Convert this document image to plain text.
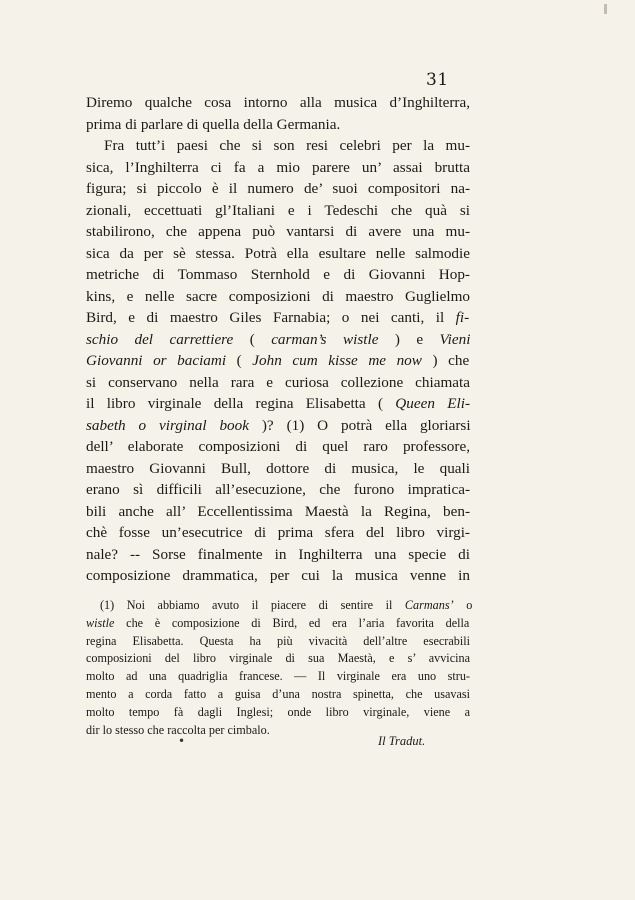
31
Diremo qualche cosa intorno alla musica d’Inghilterra,
prima di parlare di quella della Germania.
Fra tutt’i paesi che si son resi celebri per la mu-
sica, l’Inghilterra ci fa a mio parere un’ assai brutta
figura; si piccolo è il numero de’ suoi compositori na-
zionali, eccettuati gl’Italiani e i Tedeschi che quà si
stabilirono, che appena può vantarsi di avere una mu-
sica da per sè stessa. Potrà ella esultare nelle salmodie
metriche di Tommaso Sternhold e di Giovanni Hop-
kins, e nelle sacre composizioni di maestro Guglielmo
Bird, e di maestro Giles Farnabia; o nei canti, il fi-
schio del carrettiere ( carman’s wistle ) e Vieni
Giovanni or baciami ( John cum kisse me now ) che
si conservano nella rara e curiosa collezione chiamata
il libro virginale della regina Elisabetta ( Queen Eli-
sabeth o virginal book )? (1) O potrà ella gloriarsi
dell’ elaborate composizioni di quel raro professore,
maestro Giovanni Bull, dottore di musica, le quali
erano sì difficili all’esecuzione, che furono impratica-
bili anche all’ Eccellentissima Maestà la Regina, ben-
chè fosse un’esecutrice di prima sfera del libro virgi-
nale? -- Sorse finalmente in Inghilterra una specie di
composizione drammatica, per cui la musica venne in
(1) Noi abbiamo avuto il piacere di sentire il Carmans’ o
wistle che è composizione di Bird, ed era l’aria favorita della
regina Elisabetta. Questa ha più vivacità dell’altre esecrabili
composizioni del libro virginale di sua Maestà, e s’ avvicina
molto ad una quadriglia francese. — Il virginale era uno stru-
mento a corda fatto a guisa d’una nostra spinetta, che usavasi
molto tempo fà dagli Inglesi; onde libro virginale, viene a
dir lo stesso che raccolta per cimbalo.
•	Il Tradut.
